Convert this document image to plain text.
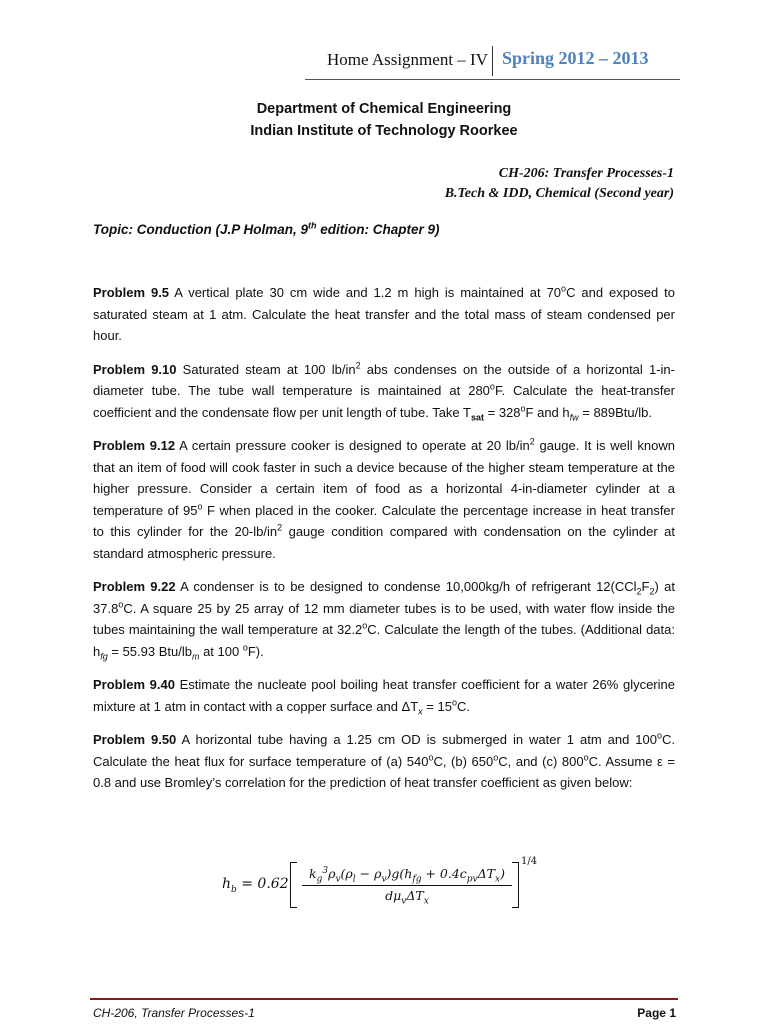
Home Assignment – IV Spring 2012 – 2013
Department of Chemical Engineering
Indian Institute of Technology Roorkee
CH-206: Transfer Processes-1
B.Tech & IDD, Chemical (Second year)
Topic: Conduction (J.P Holman, 9th edition: Chapter 9)

Problem 9.5 A vertical plate 30 cm wide and 1.2 m high is maintained at 70$^o$C and exposed to saturated steam at 1 atm. Calculate the heat transfer and the total mass of steam condensed per hour.

Problem 9.10 Saturated steam at 100 $lb/in^2$ abs condenses on the outside of a horizontal 1-in-diameter tube. The tube wall temperature is maintained at 280$^o$F. Calculate the heat-transfer coefficient and the condensate flow per unit length of tube. Take $T_{sat} = 328^oF$ and $h_{fw} = 889Btu/lb$.

Problem 9.12 A certain pressure cooker is designed to operate at 20 $lb/in^2$ gauge. It is well known that an item of food will cook faster in such a device because of the higher steam temperature at the higher pressure. Consider a certain item of food as a horizontal 4-in-diameter cylinder at a temperature of 95$^o$ F when placed in the cooker. Calculate the percentage increase in heat transfer to this cylinder for the $20-lb/in^2$ gauge condition compared with condensation on the cylinder at standard atmospheric pressure.

Problem 9.22 A condenser is to be designed to condense 10,000kg/h of refrigerant $12(CCl_2F_2)$ at 37.8$^o$C. A square 25 by 25 array of 12 mm diameter tubes is to be used, with water flow inside the tubes maintaining the wall temperature at 32.2$^o$C. Calculate the length of the tubes. (Additional data: $h_{fg} = 55.93$ Btu/$lb_m$ at 100 $^o$F).

Problem 9.40 Estimate the nucleate pool boiling heat transfer coefficient for a water 26% glycerine mixture at 1 atm in contact with a copper surface and $\Delta T_x = 15^oC$.

Problem 9.50 A horizontal tube having a 1.25 cm OD is submerged in water 1 atm and 100$^o$C. Calculate the heat flux for surface temperature of (a) 540$^o$C, (b) 650$^o$C, and (c) 800$^o$C. Assume ε = 0.8 and use Bromley’s correlation for the prediction of heat transfer coefficient as given below:

$h_b = 0.62$
$k_g^3\rho_v(\rho_l - \rho_v)g(h_{fg} + 0.4c_{pv}\Delta T_x)$
$d\mu_v\Delta T_x$
1/4
CH-206, Transfer Processes-1	Page 1
